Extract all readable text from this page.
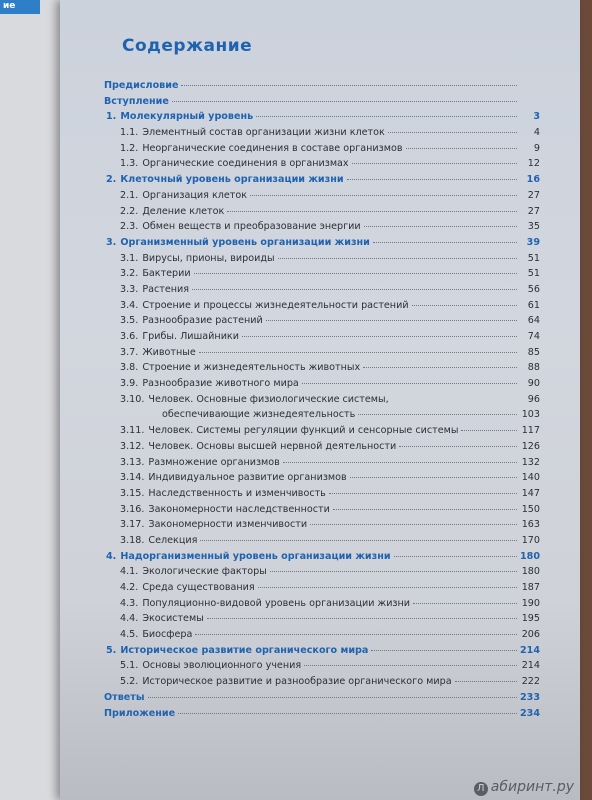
ие
Содержание
Предисловие
Вступление
1. Молекулярный уровень	3
1.1. Элементный состав организации жизни клеток	4
1.2. Неорганические соединения в составе организмов	9
1.3. Органические соединения в организмах	12
2. Клеточный уровень организации жизни	16
2.1. Организация клеток	27
2.2. Деление клеток	27
2.3. Обмен веществ и преобразование энергии	35
3. Организменный уровень организации жизни	39
3.1. Вирусы, прионы, вироиды	51
3.2. Бактерии	51
3.3. Растения	56
3.4. Строение и процессы жизнедеятельности растений	61
3.5. Разнообразие растений	64
3.6. Грибы. Лишайники	74
3.7. Животные	85
3.8. Строение и жизнедеятельность животных	88
3.9. Разнообразие животного мира	90
3.10. Человек. Основные физиологические системы,	96
обеспечивающие жизнедеятельность	103
3.11. Человек. Системы регуляции функций и сенсорные системы	117
3.12. Человек. Основы высшей нервной деятельности	126
3.13. Размножение организмов	132
3.14. Индивидуальное развитие организмов	140
3.15. Наследственность и изменчивость	147
3.16. Закономерности наследственности	150
3.17. Закономерности изменчивости	163
3.18. Селекция	170
4. Надорганизменный уровень организации жизни	180
4.1. Экологические факторы	180
4.2. Среда существования	187
4.3. Популяционно-видовой уровень организации жизни	190
4.4. Экосистемы	195
4.5. Биосфера	206
5. Историческое развитие органического мира	214
5.1. Основы эволюционного учения	214
5.2. Историческое развитие и разнообразие органического мира	222
Ответы	233
Приложение	234
Л абиринт.ру
